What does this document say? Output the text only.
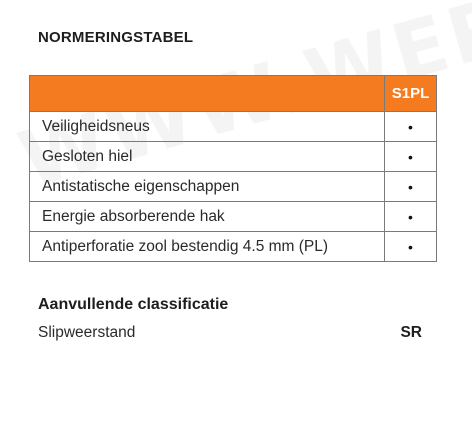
NORMERINGSTABEL
	S1PL
Veiligheidsneus	•
Gesloten hiel	•
Antistatische eigenschappen	•
Energie absorberende hak	•
Antiperforatie zool bestendig 4.5 mm (PL)	•
Aanvullende classificatie
Slipweerstand	SR
